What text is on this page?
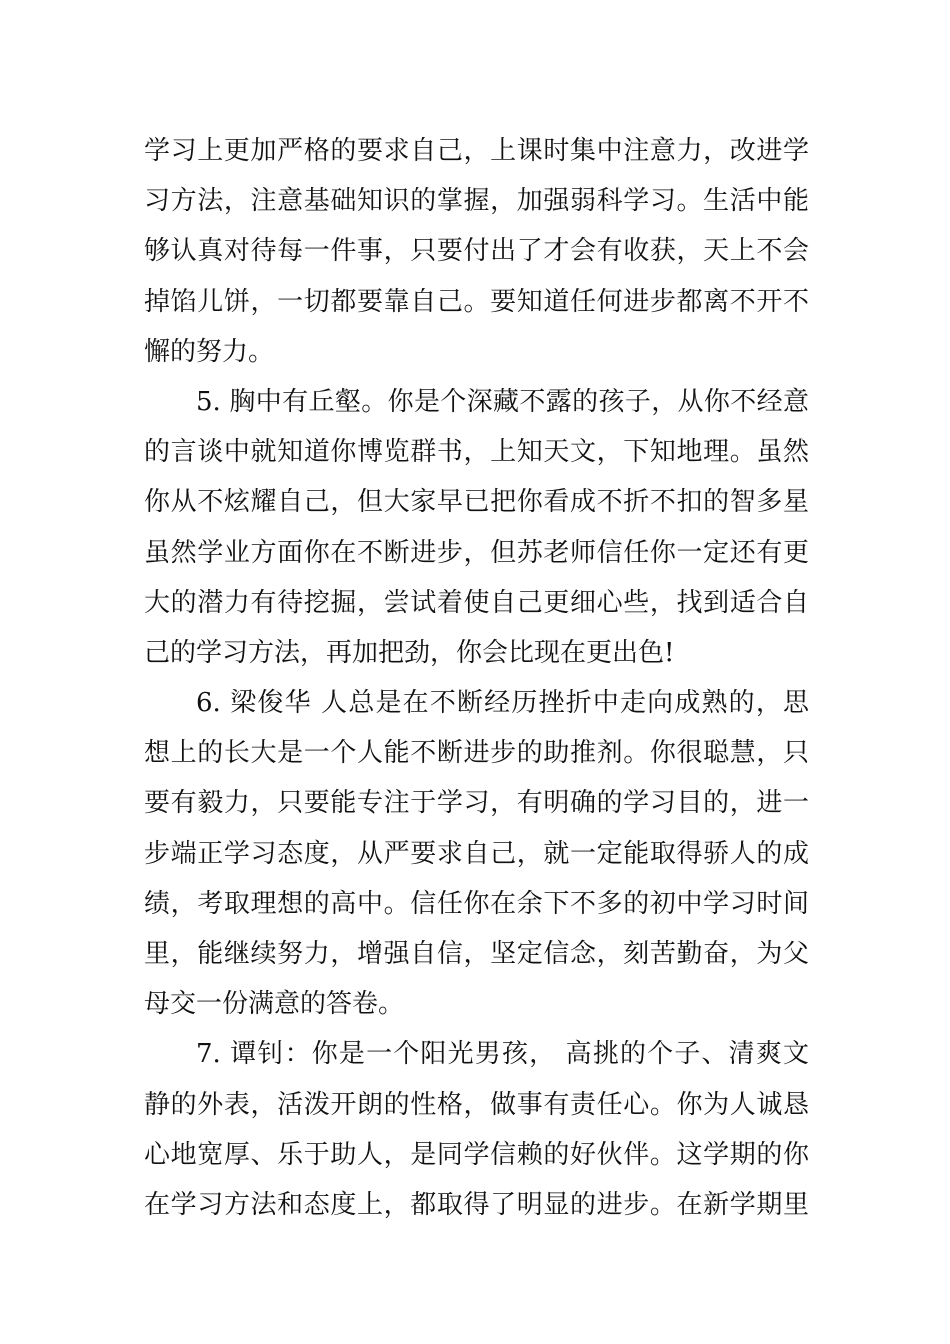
学习上更加严格的要求自己，上课时集中注意力，改进学
习方法，注意基础知识的掌握，加强弱科学习。生活中能
够认真对待每一件事，只要付出了才会有收获，天上不会
掉馅儿饼，一切都要靠自己。要知道任何进步都离不开不
懈的努力。
5. 胸中有丘壑。你是个深藏不露的孩子，从你不经意
的言谈中就知道你博览群书，上知天文，下知地理。虽然
你从不炫耀自己，但大家早已把你看成不折不扣的智多星
虽然学业方面你在不断进步，但苏老师信任你一定还有更
大的潜力有待挖掘，尝试着使自己更细心些，找到适合自
己的学习方法，再加把劲，你会比现在更出色!
6. 梁俊华 人总是在不断经历挫折中走向成熟的，思
想上的长大是一个人能不断进步的助推剂。你很聪慧，只
要有毅力，只要能专注于学习，有明确的学习目的，进一
步端正学习态度，从严要求自己，就一定能取得骄人的成
绩，考取理想的高中。信任你在余下不多的初中学习时间
里，能继续努力，增强自信，坚定信念，刻苦勤奋，为父
母交一份满意的答卷。
7. 谭钊：你是一个阳光男孩， 高挑的个子、清爽文
静的外表，活泼开朗的性格，做事有责任心。你为人诚恳
心地宽厚、乐于助人，是同学信赖的好伙伴。这学期的你
在学习方法和态度上，都取得了明显的进步。在新学期里
